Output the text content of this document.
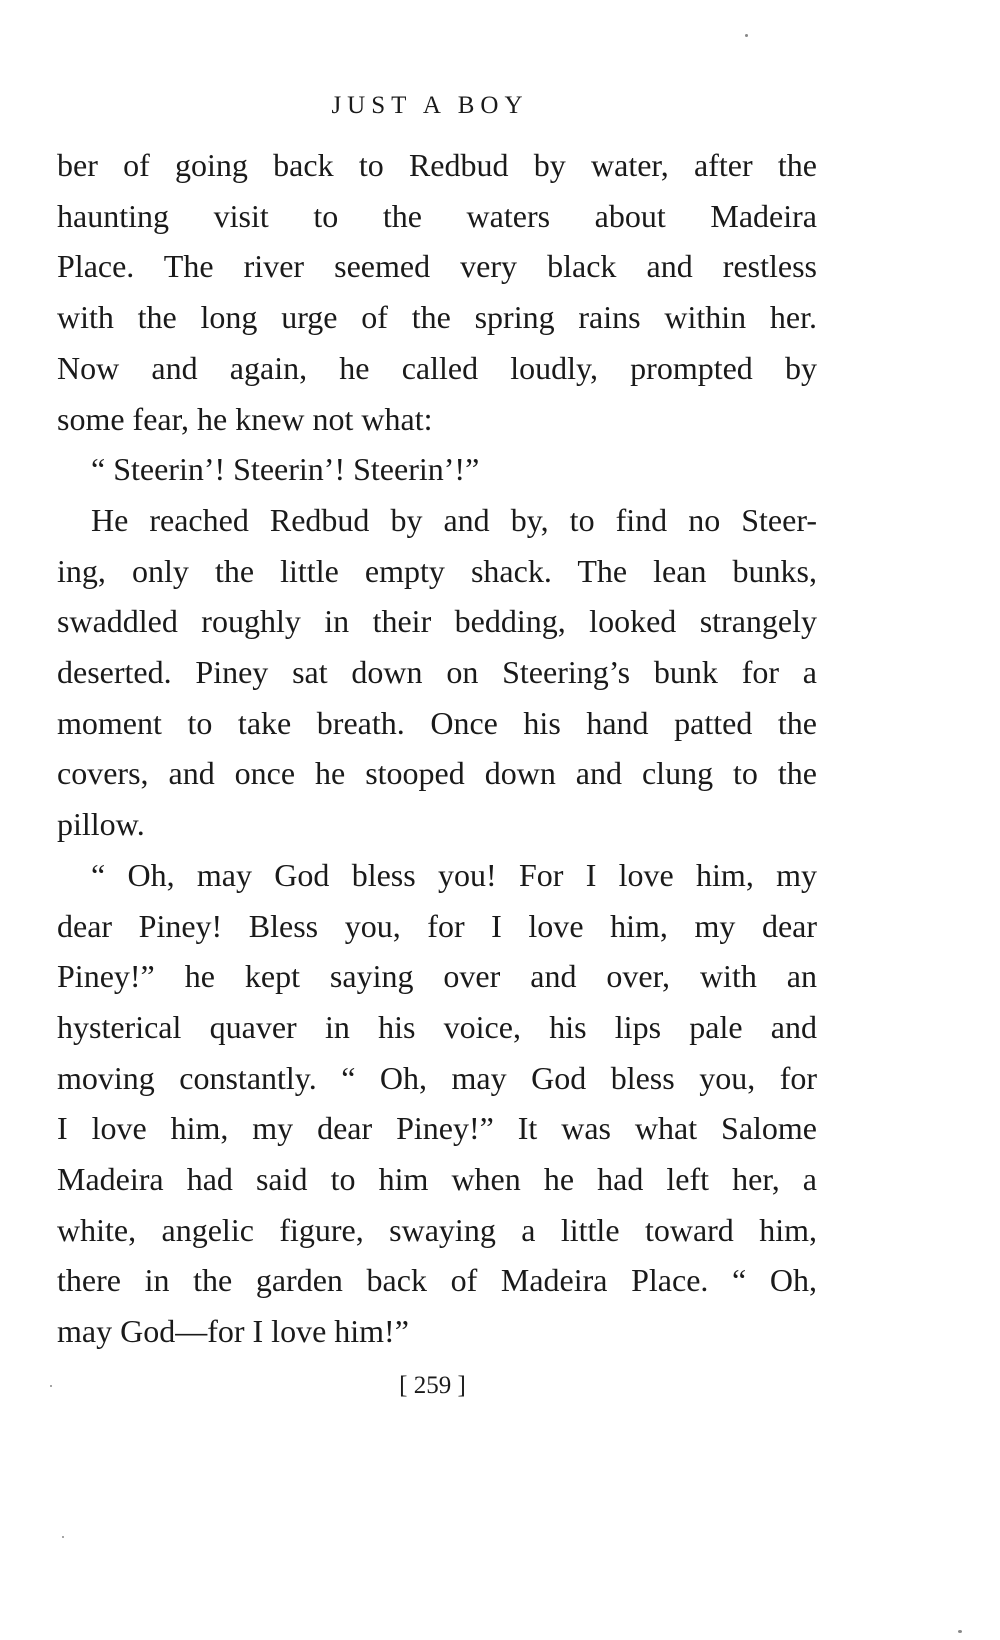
JUST A BOY
ber of going back to Redbud by water, after the
haunting visit to the waters about Madeira
Place. The river seemed very black and restless
with the long urge of the spring rains within her.
Now and again, he called loudly, prompted by
some fear, he knew not what:
“ Steerin’! Steerin’! Steerin’!”
He reached Redbud by and by, to find no Steer-
ing, only the little empty shack. The lean bunks,
swaddled roughly in their bedding, looked strangely
deserted. Piney sat down on Steering’s bunk for a
moment to take breath. Once his hand patted the
covers, and once he stooped down and clung to the
pillow.
“ Oh, may God bless you! For I love him, my
dear Piney! Bless you, for I love him, my dear
Piney!” he kept saying over and over, with an
hysterical quaver in his voice, his lips pale and
moving constantly. “ Oh, may God bless you, for
I love him, my dear Piney!” It was what Salome
Madeira had said to him when he had left her, a
white, angelic figure, swaying a little toward him,
there in the garden back of Madeira Place. “ Oh,
may God—for I love him!”
[ 259 ]
